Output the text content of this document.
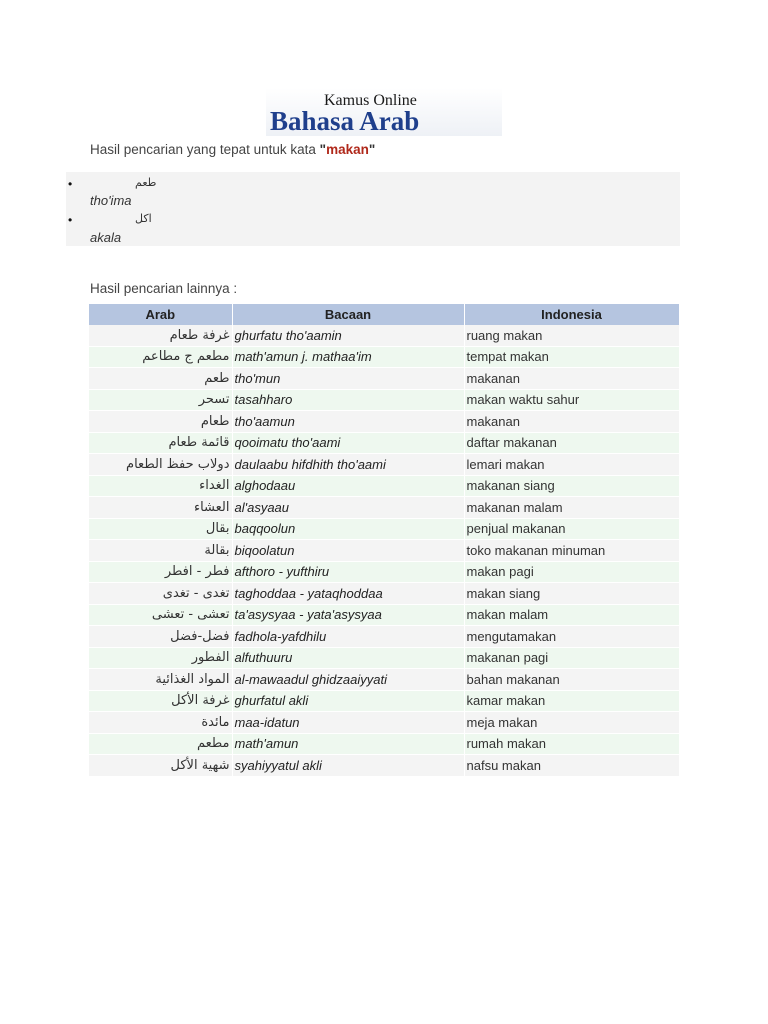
Kamus Online
Bahasa Arab
Hasil pencarian yang tepat untuk kata "makan"
•	طعم
tho'ima
•	اكل
akala
Hasil pencarian lainnya :
Arab	Bacaan	Indonesia
غرفة طعام	ghurfatu tho'aamin	ruang makan
مطعم ج مطاعم	math'amun j. mathaa'im	tempat makan
طعم	tho'mun	makanan
تسحر	tasahharo	makan waktu sahur
طعام	tho'aamun	makanan
قائمة طعام	qooimatu tho'aami	daftar makanan
دولاب حفظ الطعام	daulaabu hifdhith tho'aami	lemari makan
الغداء	alghodaau	makanan siang
العشاء	al'asyaau	makanan malam
بقال	baqqoolun	penjual makanan
بقالة	biqoolatun	toko makanan minuman
فطر - افطر	afthoro - yufthiru	makan pagi
تغدى - تغدى	taghoddaa - yataqhoddaa	makan siang
تعشى - تعشى	ta'asysyaa - yata'asysyaa	makan malam
فضل-فضل	fadhola-yafdhilu	mengutamakan
الفطور	alfuthuuru	makanan pagi
المواد الغذائية	al-mawaadul ghidzaaiyyati	bahan makanan
غرفة الأكل	ghurfatul akli	kamar makan
مائدة	maa-idatun	meja makan
مطعم	math'amun	rumah makan
شهية الأكل	syahiyyatul akli	nafsu makan
